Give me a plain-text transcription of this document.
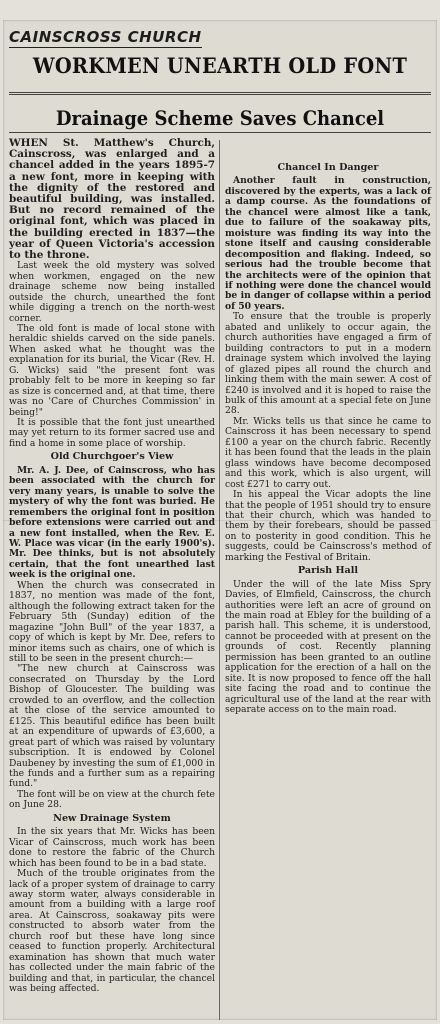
CAINSCROSS CHURCH
WORKMEN UNEARTH OLD FONT
Drainage Scheme Saves Chancel

WHEN St. Matthew's Church, Cainscross, was enlarged and a chancel added in the years 1895-7 a new font, more in keeping with the dignity of the restored and beautiful building, was installed. But no record remained of the original font, which was placed in the building erected in 1837—the year of Queen Victoria's accession to the throne.

Last week the old mystery was solved when workmen, engaged on the new drainage scheme now being installed outside the church, unearthed the font while digging a trench on the north-west corner.

The old font is made of local stone with heraldic shields carved on the side panels. When asked what he thought was the explanation for its burial, the Vicar (Rev. H. G. Wicks) said "the present font was probably felt to be more in keeping so far as size is concerned and, at that time, there was no 'Care of Churches Commission' in being!"

It is possible that the font just unearthed may yet return to its former sacred use and find a home in some place of worship.

Old Churchgoer's View

Mr. A. J. Dee, of Cainscross, who has been associated with the church for very many years, is unable to solve the mystery of why the font was buried. He remembers the original font in position before extensions were carried out and a new font installed, when the Rev. E. W. Place was vicar (in the early 1900's). Mr. Dee thinks, but is not absolutely certain, that the font unearthed last week is the original one.

When the church was consecrated in 1837, no mention was made of the font, although the following extract taken for the February 5th (Sunday) edition of the magazine "John Bull" of the year 1837, a copy of which is kept by Mr. Dee, refers to minor items such as chairs, one of which is still to be seen in the present church:—

"The new church at Cainscross was consecrated on Thursday by the Lord Bishop of Gloucester. The building was crowded to an overflow, and the collection at the close of the service amounted to £125. This beautiful edifice has been built at an expenditure of upwards of £3,600, a great part of which was raised by voluntary subscription. It is endowed by Colonel Daubeney by investing the sum of £1,000 in the funds and a further sum as a repairing fund."

The font will be on view at the church fete on June 28.

New Drainage System

In the six years that Mr. Wicks has been Vicar of Cainscross, much work has been done to restore the fabric of the Church which has been found to be in a bad state.

Much of the trouble originates from the lack of a proper system of drainage to carry away storm water, always considerable in amount from a building with a large roof area. At Cainscross, soakaway pits were constructed to absorb water from the church roof but these have long since ceased to function properly. Architectural examination has shown that much water has collected under the main fabric of the building and that, in particular, the chancel was being affected.

Chancel In Danger

Another fault in construction, discovered by the experts, was a lack of a damp course. As the foundations of the chancel were almost like a tank, due to failure of the soakaway pits, moisture was finding its way into the stone itself and causing considerable decomposition and flaking. Indeed, so serious had the trouble become that the architects were of the opinion that if nothing were done the chancel would be in danger of collapse within a period of 50 years.

To ensure that the trouble is properly abated and unlikely to occur again, the church authorities have engaged a firm of building contractors to put in a modern drainage system which involved the laying of glazed pipes all round the church and linking them with the main sewer. A cost of £240 is involved and it is hoped to raise the bulk of this amount at a special fete on June 28.

Mr. Wicks tells us that since he came to Cainscross it has been necessary to spend £100 a year on the church fabric. Recently it has been found that the leads in the plain glass windows have become decomposed and this work, which is also urgent, will cost £271 to carry out.

In his appeal the Vicar adopts the line that the people of 1951 should try to ensure that their church, which was handed to them by their forebears, should be passed on to posterity in good condition. This he suggests, could be Cainscross's method of marking the Festival of Britain.

Parish Hall

Under the will of the late Miss Spry Davies, of Elmfield, Cainscross, the church authorities were left an acre of ground on the main road at Ebley for the building of a parish hall. This scheme, it is understood, cannot be proceeded with at present on the grounds of cost. Recently planning permission has been granted to an outline application for the erection of a hall on the site. It is now proposed to fence off the hall site facing the road and to continue the agricultural use of the land at the rear with separate access on to the main road.
